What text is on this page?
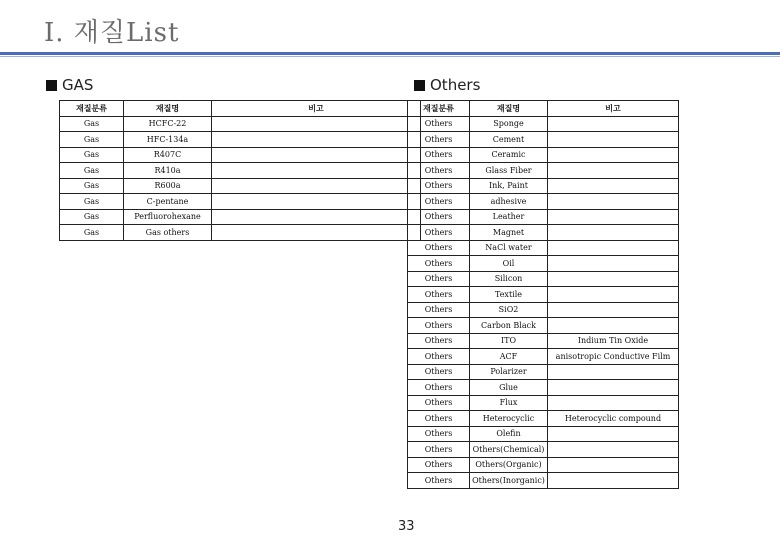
Ⅰ. 재질List
GAS	Others
재질분류	재질명	비고
Gas	HCFC-22	
Gas	HFC-134a	
Gas	R407C	
Gas	R410a	
Gas	R600a	
Gas	C-pentane	
Gas	Perfluorohexane	
Gas	Gas others	
재질분류	재질명	비고
Others	Sponge	
Others	Cement	
Others	Ceramic	
Others	Glass Fiber	
Others	Ink, Paint	
Others	adhesive	
Others	Leather	
Others	Magnet	
Others	NaCl water	
Others	Oil	
Others	Silicon	
Others	Textile	
Others	SiO2	
Others	Carbon Black	
Others	ITO	Indium Tin Oxide
Others	ACF	anisotropic Conductive Film
Others	Polarizer	
Others	Glue	
Others	Flux	
Others	Heterocyclic	Heterocyclic compound
Others	Olefin	
Others	Others(Chemical)	
Others	Others(Organic)	
Others	Others(Inorganic)	
33
